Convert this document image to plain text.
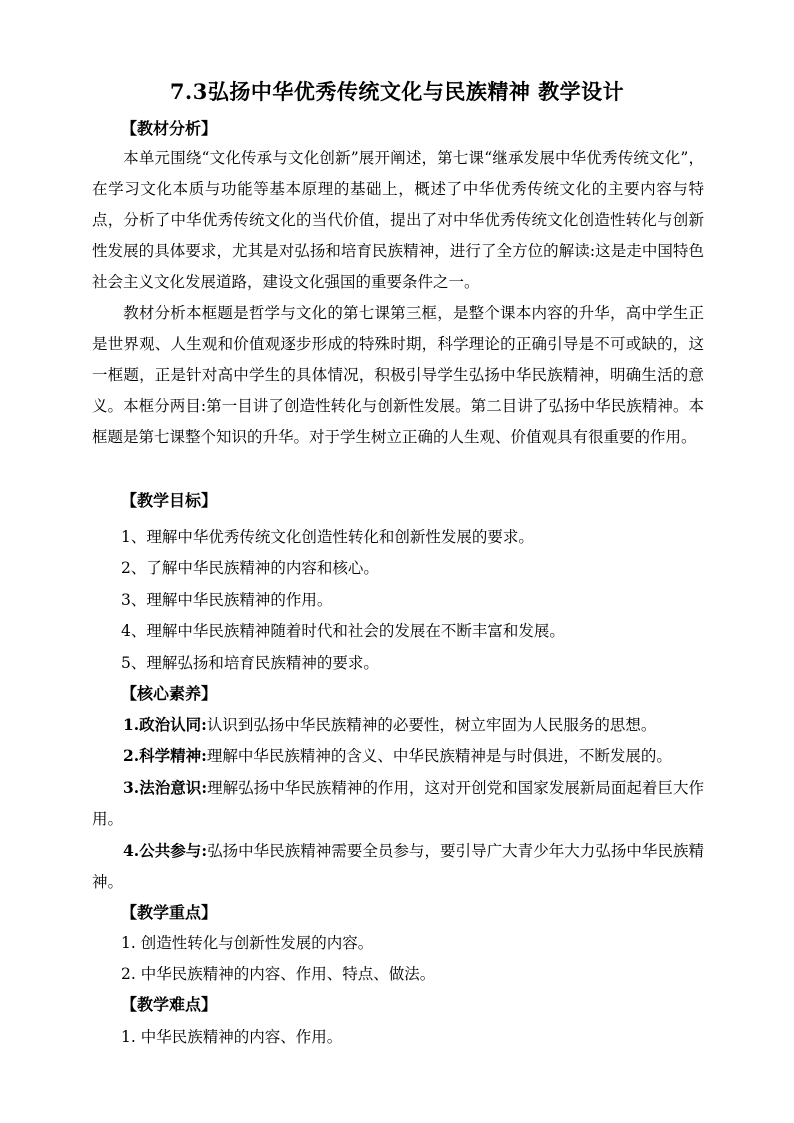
7.3弘扬中华优秀传统文化与民族精神 教学设计
【教材分析】
本单元围绕“文化传承与文化创新”展开阐述，第七课“继承发展中华优秀传统文化”，在学习文化本质与功能等基本原理的基础上，概述了中华优秀传统文化的主要内容与特点，分析了中华优秀传统文化的当代价值，提出了对中华优秀传统文化创造性转化与创新性发展的具体要求，尤其是对弘扬和培育民族精神，进行了全方位的解读:这是走中国特色社会主义文化发展道路，建设文化强国的重要条件之一。
教材分析本框题是哲学与文化的第七课第三框，是整个课本内容的升华，高中学生正是世界观、人生观和价值观逐步形成的特殊时期，科学理论的正确引导是不可或缺的，这一框题，正是针对高中学生的具体情况，积极引导学生弘扬中华民族精神，明确生活的意义。本框分两目:第一目讲了创造性转化与创新性发展。第二目讲了弘扬中华民族精神。本框题是第七课整个知识的升华。对于学生树立正确的人生观、价值观具有很重要的作用。
【教学目标】
1、理解中华优秀传统文化创造性转化和创新性发展的要求。
2、了解中华民族精神的内容和核心。
3、理解中华民族精神的作用。
4、理解中华民族精神随着时代和社会的发展在不断丰富和发展。
5、理解弘扬和培育民族精神的要求。
【核心素养】
1.政治认同:认识到弘扬中华民族精神的必要性，树立牢固为人民服务的思想。
2.科学精神:理解中华民族精神的含义、中华民族精神是与时俱进，不断发展的。
3.法治意识:理解弘扬中华民族精神的作用，这对开创党和国家发展新局面起着巨大作用。
4.公共参与:弘扬中华民族精神需要全员参与，要引导广大青少年大力弘扬中华民族精神。
【教学重点】
1. 创造性转化与创新性发展的内容。
2. 中华民族精神的内容、作用、特点、做法。
【教学难点】
1. 中华民族精神的内容、作用。
